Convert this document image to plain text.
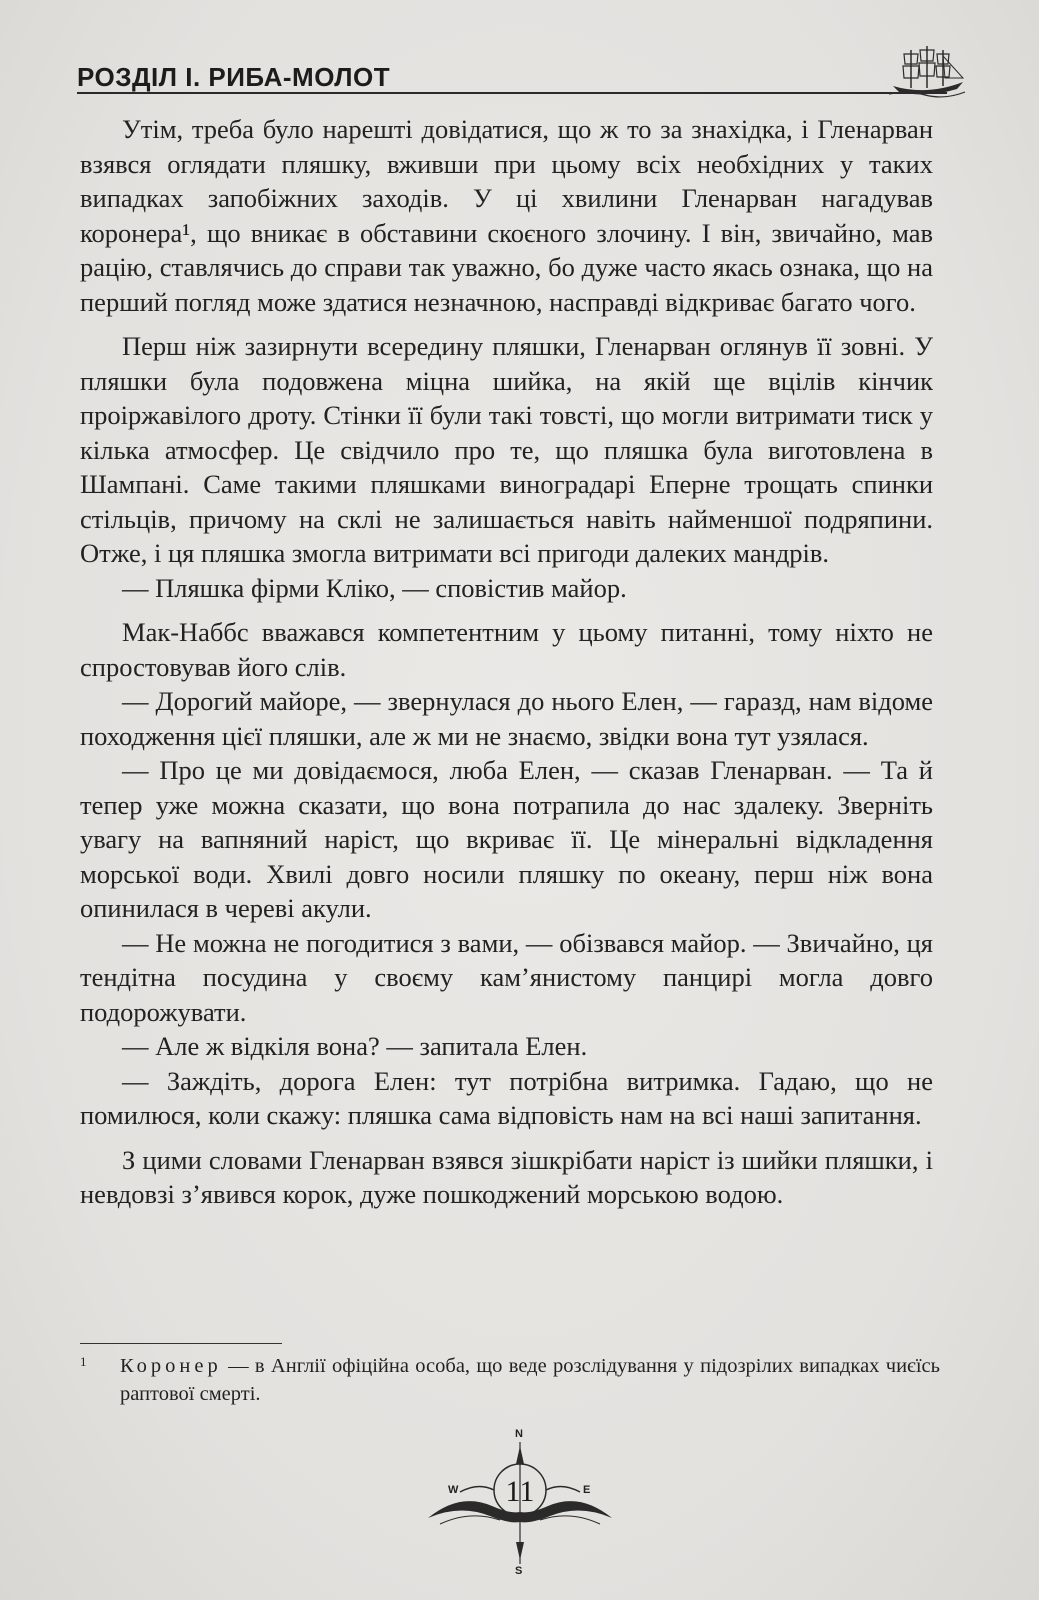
РОЗДІЛ І. РИБА-МОЛОТ

Утім, треба було нарешті довідатися, що ж то за знахідка, і Гленарван взявся оглядати пляшку, вживши при цьому всіх необхідних у таких випадках запобіжних заходів. У ці хвилини Гленарван нагадував коронера¹, що вникає в обставини скоєного злочину. І він, звичайно, мав рацію, ставлячись до справи так уважно, бо дуже часто якась ознака, що на перший погляд може здатися незначною, насправді відкриває багато чого.

Перш ніж зазирнути всередину пляшки, Гленарван оглянув її зовні. У пляшки була подовжена міцна шийка, на якій ще вцілів кінчик проіржавілого дроту. Стінки її були такі товсті, що могли витримати тиск у кілька атмосфер. Це свідчило про те, що пляшка була виготовлена в Шампані. Саме такими пляшками виноградарі Еперне трощать спинки стільців, причому на склі не залишається навіть найменшої подряпини. Отже, і ця пляшка змогла витримати всі пригоди далеких мандрів.

— Пляшка фірми Кліко, — сповістив майор.

Мак-Наббс вважався компетентним у цьому питанні, тому ніхто не спростовував його слів.

— Дорогий майоре, — звернулася до нього Елен, — гаразд, нам відоме походження цієї пляшки, але ж ми не знаємо, звідки вона тут узялася.

— Про це ми довідаємося, люба Елен, — сказав Гленарван. — Та й тепер уже можна сказати, що вона потрапила до нас здалеку. Зверніть увагу на вапняний наріст, що вкриває її. Це мінеральні відкладення морської води. Хвилі довго носили пляшку по океану, перш ніж вона опинилася в череві акули.

— Не можна не погодитися з вами, — обізвався майор. — Звичайно, ця тендітна посудина у своєму кам’янистому панцирі могла довго подорожувати.

— Але ж відкіля вона? — запитала Елен.

— Заждіть, дорога Елен: тут потрібна витримка. Гадаю, що не помилюся, коли скажу: пляшка сама відповість нам на всі наші запитання.

З цими словами Гленарван взявся зішкрібати наріст із шийки пляшки, і невдовзі з’явився корок, дуже пошкоджений морською водою.

1 Коронер — в Англії офіційна особа, що веде розслідування у підозрілих випадках чиєїсь раптової смерті.
N
S
W	E
11
